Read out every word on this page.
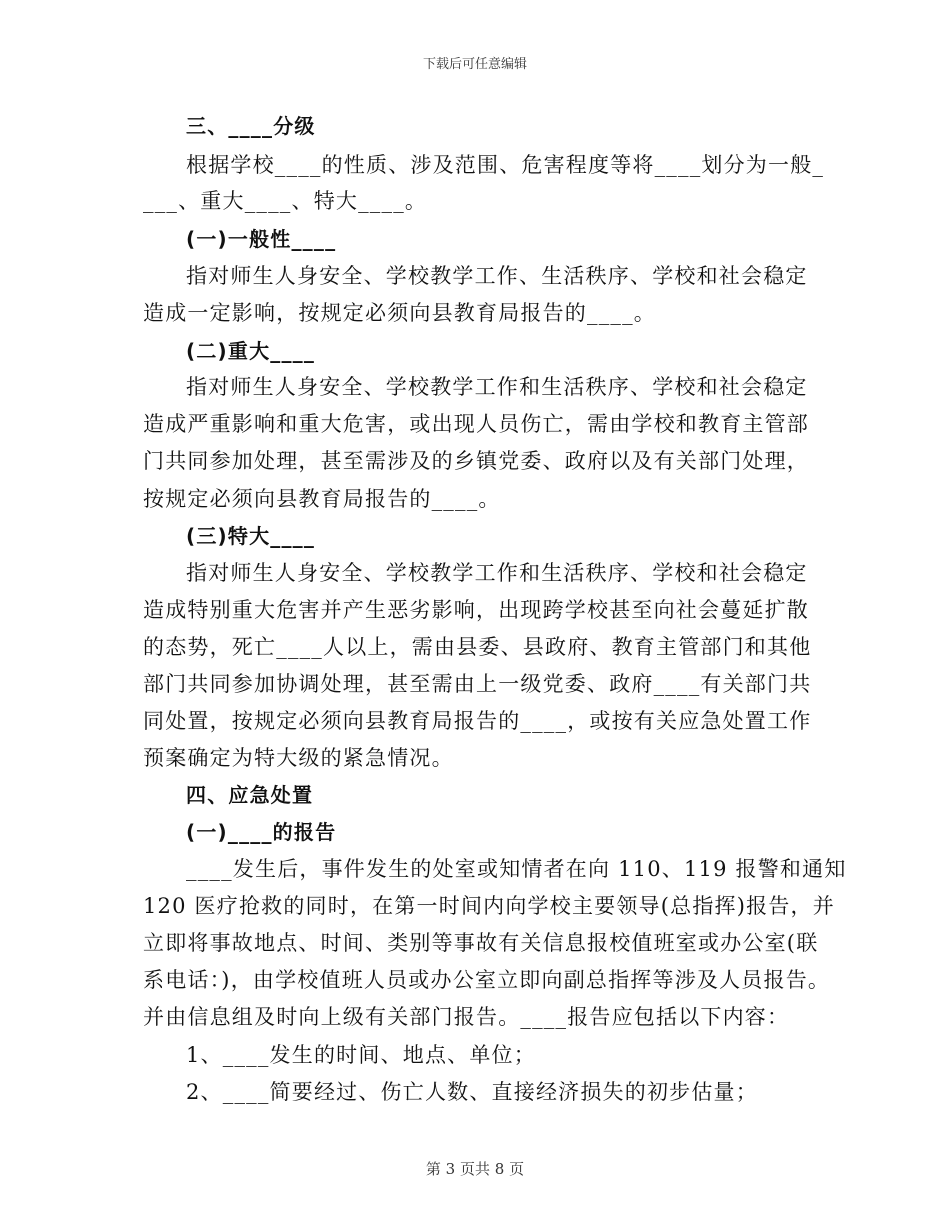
下载后可任意编辑
三、____分级
根据学校____的性质、涉及范围、危害程度等将____划分为一般_
___、重大____、特大____。
(一)一般性____
指对师生人身安全、学校教学工作、生活秩序、学校和社会稳定
造成一定影响，按规定必须向县教育局报告的____。
(二)重大____
指对师生人身安全、学校教学工作和生活秩序、学校和社会稳定
造成严重影响和重大危害，或出现人员伤亡，需由学校和教育主管部
门共同参加处理，甚至需涉及的乡镇党委、政府以及有关部门处理，
按规定必须向县教育局报告的____。
(三)特大____
指对师生人身安全、学校教学工作和生活秩序、学校和社会稳定
造成特别重大危害并产生恶劣影响，出现跨学校甚至向社会蔓延扩散
的态势，死亡____人以上，需由县委、县政府、教育主管部门和其他
部门共同参加协调处理，甚至需由上一级党委、政府____有关部门共
同处置，按规定必须向县教育局报告的____，或按有关应急处置工作
预案确定为特大级的紧急情况。
四、应急处置
(一)____的报告
____发生后，事件发生的处室或知情者在向 110、119 报警和通知
120 医疗抢救的同时，在第一时间内向学校主要领导(总指挥)报告，并
立即将事故地点、时间、类别等事故有关信息报校值班室或办公室(联
系电话：)，由学校值班人员或办公室立即向副总指挥等涉及人员报告。
并由信息组及时向上级有关部门报告。____报告应包括以下内容：
1、____发生的时间、地点、单位；
2、____简要经过、伤亡人数、直接经济损失的初步估量；
第 3 页共 8 页
